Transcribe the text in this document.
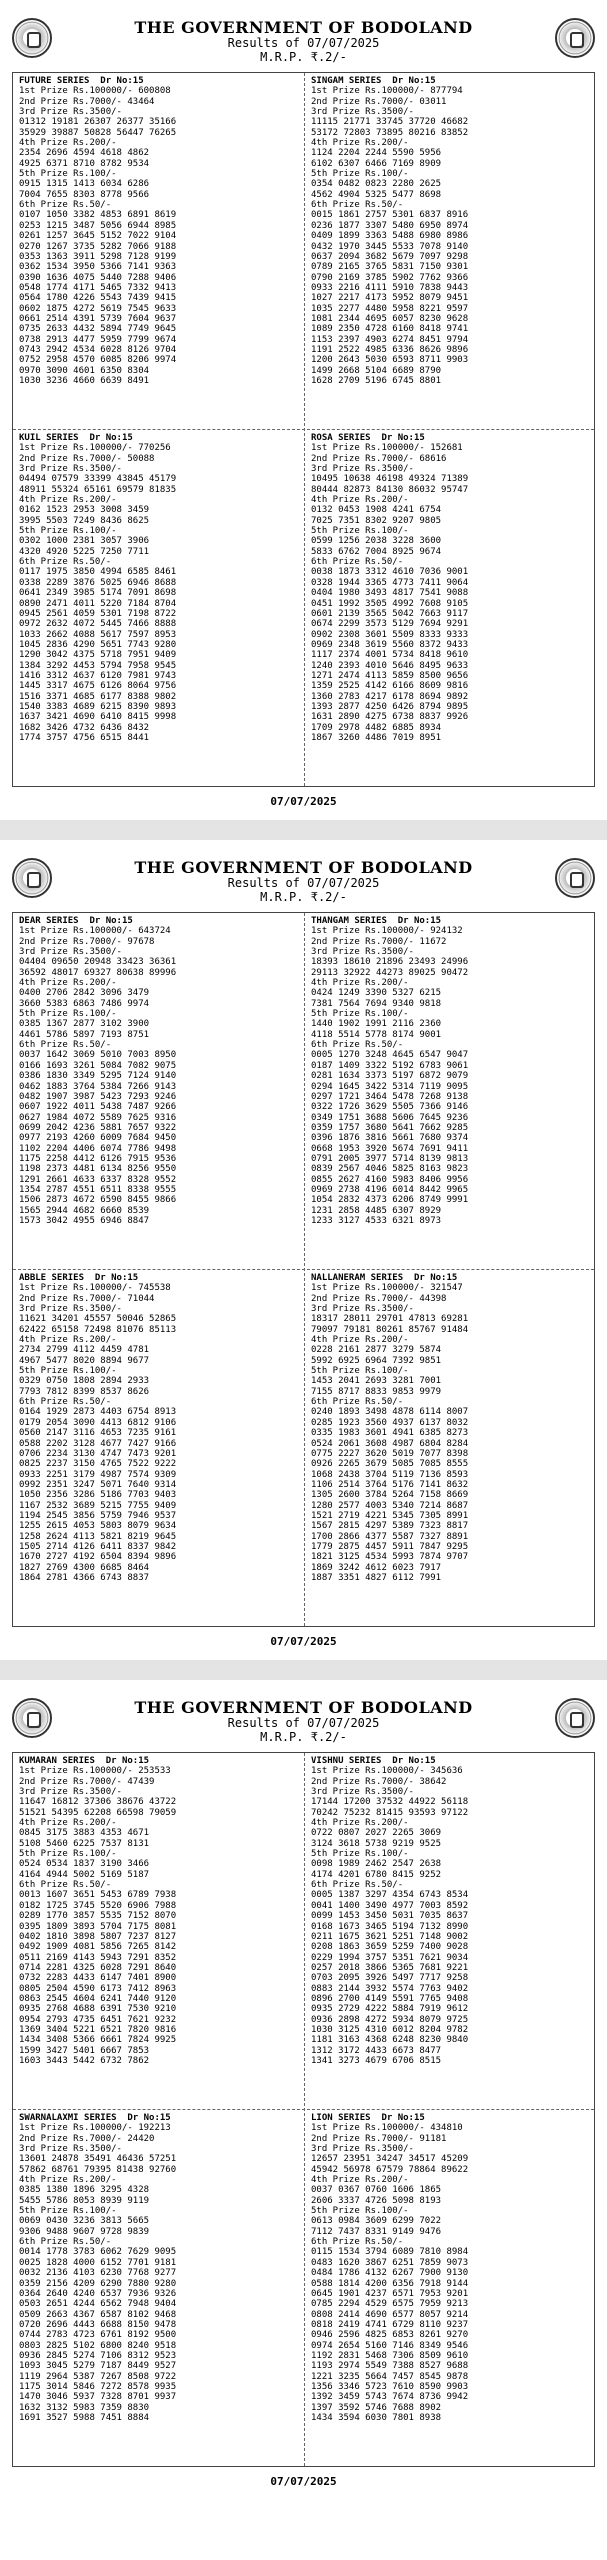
THE GOVERNMENT OF BODOLAND
Results of 07/07/2025
M.R.P. ₹.2/-
FUTURE SERIES  Dr No:15
1st Prize Rs.100000/- 600808
2nd Prize Rs.7000/- 43464
3rd Prize Rs.3500/-
01312 19181 26307 26377 35166
35929 39887 50828 56447 76265
4th Prize Rs.200/-
2354 2696 4594 4618 4862
4925 6371 8710 8782 9534
5th Prize Rs.100/-
0915 1315 1413 6034 6286
7004 7655 8303 8778 9566
6th Prize Rs.50/-
0107 1050 3382 4853 6891 8619
0253 1215 3487 5056 6944 8985
0261 1257 3645 5152 7022 9104
0270 1267 3735 5282 7066 9188
0353 1363 3911 5298 7128 9199
0362 1534 3950 5366 7141 9363
0390 1636 4075 5440 7288 9406
0548 1774 4171 5465 7332 9413
0564 1780 4226 5543 7439 9415
0602 1875 4272 5619 7545 9633
0661 2514 4391 5739 7604 9637
0735 2633 4432 5894 7749 9645
0738 2913 4477 5959 7799 9674
0743 2942 4534 6028 8126 9704
0752 2958 4570 6085 8206 9974
0970 3090 4601 6350 8304
1030 3236 4660 6639 8491
SINGAM SERIES  Dr No:15
1st Prize Rs.100000/- 877794
2nd Prize Rs.7000/- 03011
3rd Prize Rs.3500/-
11115 21771 33745 37720 46682
53172 72803 73895 80216 83852
4th Prize Rs.200/-
1124 2204 2244 5590 5956
6102 6307 6466 7169 8909
5th Prize Rs.100/-
0354 0482 0823 2280 2625
4562 4904 5325 5477 8698
6th Prize Rs.50/-
0015 1861 2757 5301 6837 8916
0236 1877 3307 5480 6950 8974
0409 1899 3363 5488 6980 8986
0432 1970 3445 5533 7078 9140
0637 2094 3682 5679 7097 9298
0789 2165 3765 5831 7150 9301
0790 2169 3785 5902 7762 9366
0933 2216 4111 5910 7838 9443
1027 2217 4173 5952 8079 9451
1035 2277 4480 5958 8221 9597
1081 2344 4695 6057 8230 9628
1089 2350 4728 6160 8418 9741
1153 2397 4903 6274 8451 9794
1191 2522 4985 6336 8626 9896
1200 2643 5030 6593 8711 9903
1499 2668 5104 6689 8790
1628 2709 5196 6745 8801
KUIL SERIES  Dr No:15
1st Prize Rs.100000/- 770256
2nd Prize Rs.7000/- 50088
3rd Prize Rs.3500/-
04494 07579 33399 43845 45179
48911 55324 65161 69579 81835
4th Prize Rs.200/-
0162 1523 2953 3008 3459
3995 5503 7249 8436 8625
5th Prize Rs.100/-
0302 1000 2381 3057 3906
4320 4920 5225 7250 7711
6th Prize Rs.50/-
0117 1975 3850 4994 6585 8461
0338 2289 3876 5025 6946 8688
0641 2349 3985 5174 7091 8698
0890 2471 4011 5220 7184 8704
0945 2561 4059 5301 7198 8722
0972 2632 4072 5445 7466 8888
1033 2662 4088 5617 7597 8953
1045 2836 4290 5651 7743 9280
1290 3042 4375 5718 7951 9409
1384 3292 4453 5794 7958 9545
1416 3312 4637 6120 7981 9743
1445 3317 4675 6126 8064 9756
1516 3371 4685 6177 8388 9802
1540 3383 4689 6215 8390 9893
1637 3421 4690 6410 8415 9998
1682 3426 4732 6436 8432
1774 3757 4756 6515 8441
ROSA SERIES  Dr No:15
1st Prize Rs.100000/- 152681
2nd Prize Rs.7000/- 68616
3rd Prize Rs.3500/-
10495 10638 46198 49324 71389
80444 82873 84130 86032 95747
4th Prize Rs.200/-
0132 0453 1908 4241 6754
7025 7351 8302 9207 9805
5th Prize Rs.100/-
0599 1256 2038 3228 3600
5833 6762 7004 8925 9674
6th Prize Rs.50/-
0038 1873 3312 4610 7036 9001
0328 1944 3365 4773 7411 9064
0404 1980 3493 4817 7541 9088
0451 1992 3505 4992 7608 9105
0601 2139 3565 5042 7663 9117
0674 2299 3573 5129 7694 9291
0902 2308 3601 5509 8333 9333
0969 2348 3619 5560 8372 9433
1117 2374 4001 5734 8418 9610
1240 2393 4010 5646 8495 9633
1271 2474 4113 5859 8500 9656
1359 2525 4142 6166 8609 9816
1360 2783 4217 6178 8694 9892
1393 2877 4250 6426 8794 9895
1631 2890 4275 6738 8837 9926
1709 2978 4482 6885 8934
1867 3260 4486 7019 8951
07/07/2025
THE GOVERNMENT OF BODOLAND
Results of 07/07/2025
M.R.P. ₹.2/-
DEAR SERIES  Dr No:15
1st Prize Rs.100000/- 643724
2nd Prize Rs.7000/- 97678
3rd Prize Rs.3500/-
04404 09650 20948 33423 36361
36592 48017 69327 80638 89996
4th Prize Rs.200/-
0400 2706 2842 3096 3479
3660 5383 6863 7486 9974
5th Prize Rs.100/-
0385 1367 2877 3102 3900
4461 5786 5897 7193 8751
6th Prize Rs.50/-
0037 1642 3069 5010 7003 8950
0166 1693 3261 5084 7082 9075
0386 1830 3349 5295 7124 9140
0462 1883 3764 5384 7266 9143
0482 1907 3987 5423 7293 9246
0607 1922 4011 5438 7487 9266
0627 1984 4072 5589 7625 9316
0699 2042 4236 5881 7657 9322
0977 2193 4260 6009 7684 9450
1102 2204 4406 6074 7786 9498
1175 2258 4412 6126 7915 9536
1198 2373 4481 6134 8256 9550
1291 2661 4633 6337 8328 9552
1354 2787 4551 6511 8338 9555
1506 2873 4672 6590 8455 9866
1565 2944 4682 6660 8539
1573 3042 4955 6946 8847
THANGAM SERIES  Dr No:15
1st Prize Rs.100000/- 924132
2nd Prize Rs.7000/- 11672
3rd Prize Rs.3500/-
18393 18610 21896 23493 24996
29113 32922 44273 89025 90472
4th Prize Rs.200/-
0424 1249 3390 5327 6215
7381 7564 7694 9340 9818
5th Prize Rs.100/-
1440 1902 1991 2116 2360
4118 5514 5778 8174 9001
6th Prize Rs.50/-
0005 1270 3248 4645 6547 9047
0187 1409 3322 5192 6783 9061
0281 1634 3373 5197 6872 9079
0294 1645 3422 5314 7119 9095
0297 1721 3464 5478 7268 9138
0322 1726 3629 5505 7366 9146
0349 1751 3688 5606 7645 9236
0359 1757 3680 5641 7662 9285
0396 1876 3816 5661 7680 9374
0668 1953 3920 5674 7691 9411
0791 2005 3977 5714 8139 9813
0839 2567 4046 5825 8163 9823
0855 2627 4160 5983 8406 9956
0969 2738 4196 6014 8442 9965
1054 2832 4373 6206 8749 9991
1231 2858 4485 6307 8929
1233 3127 4533 6321 8973
ABBLE SERIES  Dr No:15
1st Prize Rs.100000/- 745538
2nd Prize Rs.7000/- 71044
3rd Prize Rs.3500/-
11621 34201 45557 50046 52865
62422 65158 72498 81076 85113
4th Prize Rs.200/-
2734 2799 4112 4459 4781
4967 5477 8020 8894 9677
5th Prize Rs.100/-
0329 0750 1808 2894 2933
7793 7812 8399 8537 8626
6th Prize Rs.50/-
0164 1929 2873 4403 6754 8913
0179 2054 3090 4413 6812 9106
0560 2147 3116 4653 7235 9161
0588 2202 3128 4677 7427 9166
0706 2234 3130 4747 7473 9201
0825 2237 3150 4765 7522 9222
0933 2251 3179 4987 7574 9309
0992 2351 3247 5071 7640 9314
1050 2356 3286 5186 7703 9403
1167 2532 3689 5215 7755 9409
1194 2545 3856 5759 7946 9537
1255 2615 4053 5803 8079 9634
1258 2624 4113 5821 8219 9645
1505 2714 4126 6411 8337 9842
1670 2727 4192 6504 8394 9896
1827 2769 4300 6685 8464
1864 2781 4366 6743 8837
NALLANERAM SERIES  Dr No:15
1st Prize Rs.100000/- 321547
2nd Prize Rs.7000/- 44398
3rd Prize Rs.3500/-
18317 28011 29701 47813 69281
79097 79181 80261 85767 91484
4th Prize Rs.200/-
0228 2161 2877 3279 5874
5992 6925 6964 7392 9851
5th Prize Rs.100/-
1453 2041 2693 3281 7001
7155 8717 8833 9853 9979
6th Prize Rs.50/-
0240 1893 3498 4878 6114 8007
0285 1923 3560 4937 6137 8032
0335 1983 3601 4941 6385 8273
0524 2061 3608 4987 6804 8284
0775 2227 3620 5019 7077 8398
0926 2265 3679 5085 7085 8555
1068 2438 3704 5119 7136 8593
1106 2514 3764 5176 7141 8632
1305 2600 3784 5264 7158 8669
1280 2577 4003 5340 7214 8687
1521 2719 4221 5345 7305 8991
1567 2815 4297 5389 7323 8817
1700 2866 4377 5587 7327 8891
1779 2875 4457 5911 7847 9295
1821 3125 4534 5993 7874 9707
1869 3242 4612 6023 7917
1887 3351 4827 6112 7991
07/07/2025
THE GOVERNMENT OF BODOLAND
Results of 07/07/2025
M.R.P. ₹.2/-
KUMARAN SERIES  Dr No:15
1st Prize Rs.100000/- 253533
2nd Prize Rs.7000/- 47439
3rd Prize Rs.3500/-
11647 16812 37306 38676 43722
51521 54395 62208 66598 79059
4th Prize Rs.200/-
0845 3175 3883 4353 4671
5108 5460 6225 7537 8131
5th Prize Rs.100/-
0524 0534 1837 3190 3466
4164 4944 5002 5169 5187
6th Prize Rs.50/-
0013 1607 3651 5453 6789 7938
0182 1725 3745 5520 6906 7988
0289 1770 3857 5535 7152 8070
0395 1809 3893 5704 7175 8081
0402 1810 3898 5807 7237 8127
0492 1909 4081 5856 7265 8142
0511 2169 4143 5943 7291 8352
0714 2281 4325 6028 7291 8640
0732 2283 4433 6147 7401 8900
0805 2504 4590 6173 7412 8963
0863 2545 4604 6241 7440 9120
0935 2768 4688 6391 7530 9210
0954 2793 4735 6451 7621 9232
1369 3404 5221 6521 7820 9816
1434 3408 5366 6661 7824 9925
1599 3427 5401 6667 7853
1603 3443 5442 6732 7862
VISHNU SERIES  Dr No:15
1st Prize Rs.100000/- 345636
2nd Prize Rs.7000/- 38642
3rd Prize Rs.3500/-
17144 17200 37532 44922 56118
70242 75232 81415 93593 97122
4th Prize Rs.200/-
0722 0807 2027 2265 3069
3124 3618 5738 9219 9525
5th Prize Rs.100/-
0098 1989 2462 2547 2638
4174 4201 6780 8415 9252
6th Prize Rs.50/-
0005 1387 3297 4354 6743 8534
0041 1400 3490 4977 7003 8592
0099 1453 3450 5031 7035 8637
0168 1673 3465 5194 7132 8990
0211 1675 3621 5251 7148 9002
0208 1863 3659 5259 7400 9028
0229 1994 3757 5351 7621 9034
0257 2018 3866 5365 7681 9221
0703 2095 3926 5497 7717 9258
0883 2144 3932 5574 7763 9402
0896 2700 4149 5591 7765 9408
0935 2729 4222 5884 7919 9612
0936 2898 4272 5934 8079 9725
1030 3125 4310 6012 8204 9782
1181 3163 4368 6248 8230 9840
1312 3172 4433 6673 8477
1341 3273 4679 6706 8515
SWARNALAXMI SERIES  Dr No:15
1st Prize Rs.100000/- 192213
2nd Prize Rs.7000/- 24420
3rd Prize Rs.3500/-
13601 24878 35491 46436 57251
57862 68761 79395 81438 92760
4th Prize Rs.200/-
0385 1380 1896 3295 4328
5455 5786 8053 8939 9119
5th Prize Rs.100/-
0069 0430 3236 3813 5665
9306 9488 9607 9728 9839
6th Prize Rs.50/-
0014 1778 3783 6062 7629 9095
0025 1828 4000 6152 7701 9181
0032 2136 4103 6230 7768 9277
0359 2156 4209 6290 7880 9280
0364 2640 4240 6537 7936 9326
0503 2651 4244 6562 7948 9404
0509 2663 4367 6587 8102 9468
0720 2696 4443 6688 8150 9478
0744 2783 4723 6761 8192 9500
0803 2825 5102 6800 8240 9518
0936 2845 5274 7106 8312 9523
1093 3045 5279 7187 8449 9527
1119 2964 5387 7267 8508 9722
1175 3014 5846 7272 8578 9935
1470 3046 5937 7328 8701 9937
1632 3132 5983 7359 8830
1691 3527 5988 7451 8884
LION SERIES  Dr No:15
1st Prize Rs.100000/- 434810
2nd Prize Rs.7000/- 91181
3rd Prize Rs.3500/-
12657 23951 34247 34517 45209
45942 56978 67579 78864 89622
4th Prize Rs.200/-
0037 0367 0760 1606 1865
2606 3337 4726 5098 8193
5th Prize Rs.100/-
0613 0984 3609 6299 7022
7112 7437 8331 9149 9476
6th Prize Rs.50/-
0115 1534 3794 6089 7810 8984
0483 1620 3867 6251 7859 9073
0484 1786 4132 6267 7900 9130
0588 1814 4200 6356 7918 9144
0645 1901 4237 6571 7953 9201
0785 2294 4529 6575 7959 9213
0808 2414 4690 6577 8057 9214
0818 2419 4741 6729 8110 9237
0946 2596 4825 6853 8261 9270
0974 2654 5160 7146 8349 9546
1192 2831 5468 7306 8509 9610
1193 2974 5549 7388 8527 9688
1221 3235 5664 7457 8545 9878
1356 3346 5723 7610 8590 9903
1392 3459 5743 7674 8736 9942
1397 3592 5746 7688 8902
1434 3594 6030 7801 8938
07/07/2025
